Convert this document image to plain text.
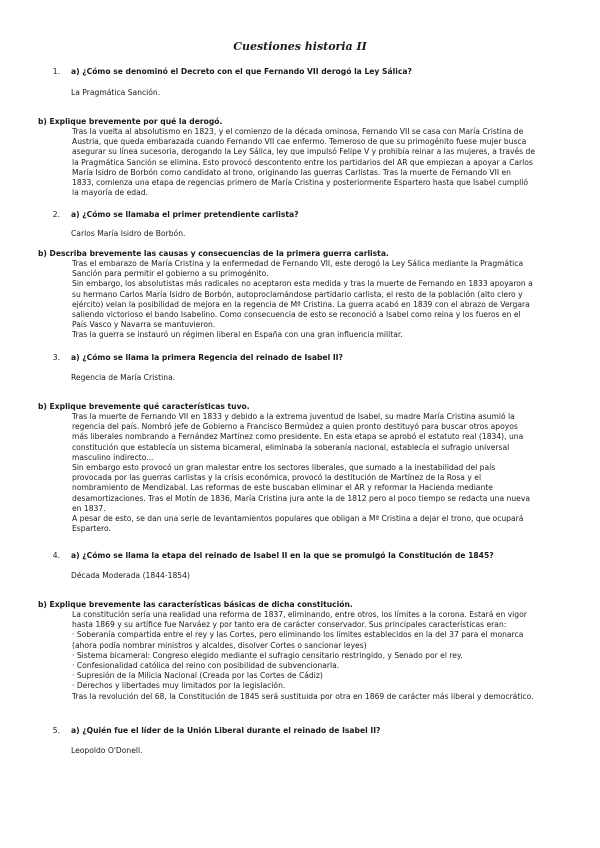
Cuestiones historia II
1. a) ¿Cómo se denominó el Decreto con el que Fernando VII derogó la Ley Sálica?
La Pragmática Sanción.
b) Explique brevemente por qué la derogó.
Tras la vuelta al absolutismo en 1823, y el comienzo de la década ominosa, Fernando VII se casa con María Cristina de
Austria, que queda embarazada cuando Fernando VII cae enfermo. Temeroso de que su primogénito fuese mujer busca
asegurar su línea sucesoria, derogando la Ley Sálica, ley que impulsó Felipe V y prohibía reinar a las mujeres, a través de
la Pragmática Sanción se elimina. Esto provocó descontento entre los partidarios del AR que empiezan a apoyar a Carlos
María Isidro de Borbón como candidato al trono, originando las guerras Carlistas. Tras la muerte de Fernando VII en
1833, comienza una etapa de regencias primero de María Cristina y posteriormente Espartero hasta que Isabel cumplió
la mayoría de edad.
2. a) ¿Cómo se llamaba el primer pretendiente carlista?
Carlos María Isidro de Borbón.
b) Describa brevemente las causas y consecuencias de la primera guerra carlista.
Tras el embarazo de María Cristina y la enfermedad de Fernando VII, este derogó la Ley Sálica mediante la Pragmática
Sanción para permitir el gobierno a su primogénito.
Sin embargo, los absolutistas más radicales no aceptaron esta medida y tras la muerte de Fernando en 1833 apoyaron a
su hermano Carlos María Isidro de Borbón, autoproclamándose partidario carlista, el resto de la población (alto clero y
ejército) velan la posibilidad de mejora en la regencia de Mª Cristina. La guerra acabó en 1839 con el abrazo de Vergara
saliendo victorioso el bando Isabelino. Como consecuencia de esto se reconoció a Isabel como reina y los fueros en el
País Vasco y Navarra se mantuvieron.
Tras la guerra se instauró un régimen liberal en España con una gran influencia militar.
3. a) ¿Cómo se llama la primera Regencia del reinado de Isabel II?
Regencia de María Cristina.
b) Explique brevemente qué características tuvo.
Tras la muerte de Fernando VII en 1833 y debido a la extrema juventud de Isabel, su madre María Cristina asumió la
regencia del país. Nombró jefe de Gobierno a Francisco Bermúdez a quien pronto destituyó para buscar otros apoyos
más liberales nombrando a Fernández Martínez como presidente. En esta etapa se aprobó el estatuto real (1834), una
constitución que establecía un sistema bicameral, eliminaba la soberanía nacional, establecía el sufragio universal
masculino indirecto...
Sin embargo esto provocó un gran malestar entre los sectores liberales, que sumado a la inestabilidad del país
provocada por las guerras carlistas y la crisis económica, provocó la destitución de Martínez de la Rosa y el
nombramiento de Mendizabal. Las reformas de este buscaban eliminar el AR y reformar la Hacienda mediante
desamortizaciones. Tras el Motín de 1836, María Cristina jura ante la de 1812 pero al poco tiempo se redacta una nueva
en 1837.
A pesar de esto, se dan una serie de levantamientos populares que obligan a Mª Cristina a dejar el trono, que ocupará
Espartero.
4. a) ¿Cómo se llama la etapa del reinado de Isabel II en la que se promulgó la Constitución de 1845?
Década Moderada (1844-1854)
b) Explique brevemente las características básicas de dicha constitución.
La constitución sería una realidad una reforma de 1837, eliminando, entre otros, los límites a la corona. Estará en vigor
hasta 1869 y su artífice fue Narváez y por tanto era de carácter conservador. Sus principales características eran:
· Soberanía compartida entre el rey y las Cortes, pero eliminando los límites establecidos en la del 37 para el monarca
(ahora podía nombrar ministros y alcaldes, disolver Cortes o sancionar leyes)
· Sistema bicameral: Congreso elegido mediante el sufragio censitario restringido, y Senado por el rey.
· Confesionalidad católica del reino con posibilidad de subvencionarla.
· Supresión de la Milicia Nacional (Creada por las Cortes de Cádiz)
· Derechos y libertades muy limitados por la legislación.
Tras la revolución del 68, la Constitución de 1845 será sustituida por otra en 1869 de carácter más liberal y democrático.
5. a) ¿Quién fue el líder de la Unión Liberal durante el reinado de Isabel II?
Leopoldo O'Donell.
